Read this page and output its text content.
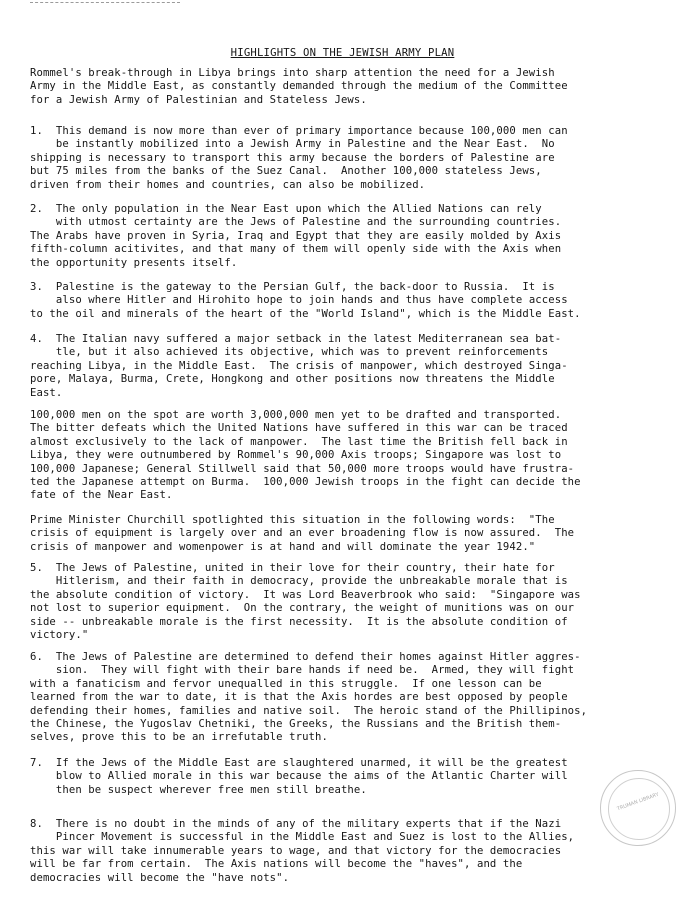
HIGHLIGHTS ON THE JEWISH ARMY PLAN

Rommel's break-through in Libya brings into sharp attention the need for a Jewish
Army in the Middle East, as constantly demanded through the medium of the Committee
for a Jewish Army of Palestinian and Stateless Jews.

1.  This demand is now more than ever of primary importance because 100,000 men can
be instantly mobilized into a Jewish Army in Palestine and the Near East.  No
shipping is necessary to transport this army because the borders of Palestine are
but 75 miles from the banks of the Suez Canal.  Another 100,000 stateless Jews,
driven from their homes and countries, can also be mobilized.

2.  The only population in the Near East upon which the Allied Nations can rely
with utmost certainty are the Jews of Palestine and the surrounding countries.
The Arabs have proven in Syria, Iraq and Egypt that they are easily molded by Axis
fifth-column acitivites, and that many of them will openly side with the Axis when
the opportunity presents itself.

3.  Palestine is the gateway to the Persian Gulf, the back-door to Russia.  It is
also where Hitler and Hirohito hope to join hands and thus have complete access
to the oil and minerals of the heart of the "World Island", which is the Middle East.

4.  The Italian navy suffered a major setback in the latest Mediterranean sea bat-
tle, but it also achieved its objective, which was to prevent reinforcements
reaching Libya, in the Middle East.  The crisis of manpower, which destroyed Singa-
pore, Malaya, Burma, Crete, Hongkong and other positions now threatens the Middle
East.

100,000 men on the spot are worth 3,000,000 men yet to be drafted and transported.
The bitter defeats which the United Nations have suffered in this war can be traced
almost exclusively to the lack of manpower.  The last time the British fell back in
Libya, they were outnumbered by Rommel's 90,000 Axis troops; Singapore was lost to
100,000 Japanese; General Stillwell said that 50,000 more troops would have frustra-
ted the Japanese attempt on Burma.  100,000 Jewish troops in the fight can decide the
fate of the Near East.

Prime Minister Churchill spotlighted this situation in the following words:  "The
crisis of equipment is largely over and an ever broadening flow is now assured.  The
crisis of manpower and womenpower is at hand and will dominate the year 1942."

5.  The Jews of Palestine, united in their love for their country, their hate for
Hitlerism, and their faith in democracy, provide the unbreakable morale that is
the absolute condition of victory.  It was Lord Beaverbrook who said:  "Singapore was
not lost to superior equipment.  On the contrary, the weight of munitions was on our
side -- unbreakable morale is the first necessity.  It is the absolute condition of
victory."

6.  The Jews of Palestine are determined to defend their homes against Hitler aggres-
sion.  They will fight with their bare hands if need be.  Armed, they will fight
with a fanaticism and fervor unequalled in this struggle.  If one lesson can be
learned from the war to date, it is that the Axis hordes are best opposed by people
defending their homes, families and native soil.  The heroic stand of the Phillipinos,
the Chinese, the Yugoslav Chetniki, the Greeks, the Russians and the British them-
selves, prove this to be an irrefutable truth.

7.  If the Jews of the Middle East are slaughtered unarmed, it will be the greatest
blow to Allied morale in this war because the aims of the Atlantic Charter will
then be suspect wherever free men still breathe.

8.  There is no doubt in the minds of any of the military experts that if the Nazi
Pincer Movement is successful in the Middle East and Suez is lost to the Allies,
this war will take innumerable years to wage, and that victory for the democracies
will be far from certain.  The Axis nations will become the "haves", and the
democracies will become the "have nots".

TRUMAN LIBRARY
